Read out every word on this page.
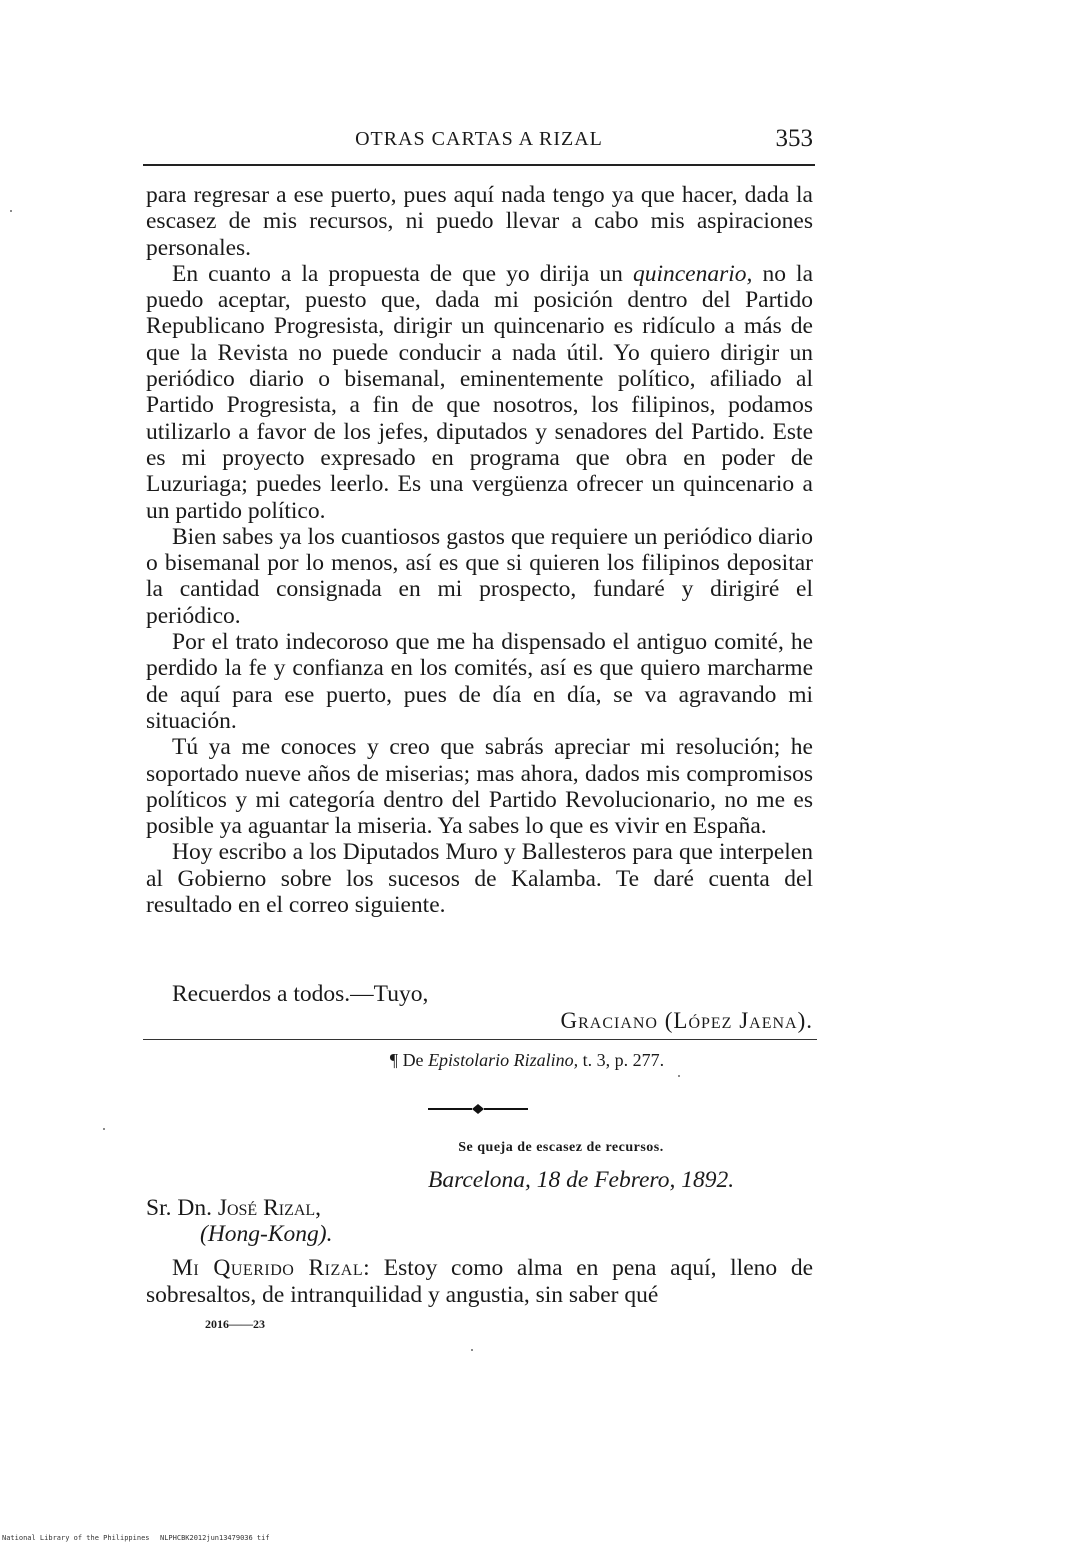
OTRAS CARTAS A RIZAL	353

para regresar a ese puerto, pues aquí nada tengo ya que hacer, dada la escasez de mis recursos, ni puedo llevar a cabo mis aspiraciones personales.

En cuanto a la propuesta de que yo dirija un quincenario, no la puedo aceptar, puesto que, dada mi posición dentro del Partido Republicano Progresista, dirigir un quincenario es ridículo a más de que la Revista no puede conducir a nada útil. Yo quiero dirigir un periódico diario o bisemanal, eminentemente político, afiliado al Partido Progresista, a fin de que nosotros, los filipinos, podamos utilizarlo a favor de los jefes, diputados y senadores del Partido. Este es mi proyecto expresado en programa que obra en poder de Luzuriaga; puedes leerlo. Es una vergüenza ofrecer un quincenario a un partido político.

Bien sabes ya los cuantiosos gastos que requiere un periódico diario o bisemanal por lo menos, así es que si quieren los filipinos depositar la cantidad consignada en mi prospecto, fundaré y dirigiré el periódico.

Por el trato indecoroso que me ha dispensado el antiguo comité, he perdido la fe y confianza en los comités, así es que quiero marcharme de aquí para ese puerto, pues de día en día, se va agravando mi situación.

Tú ya me conoces y creo que sabrás apreciar mi resolución; he soportado nueve años de miserias; mas ahora, dados mis compromisos políticos y mi categoría dentro del Partido Revolucionario, no me es posible ya aguantar la miseria. Ya sabes lo que es vivir en España.

Hoy escribo a los Diputados Muro y Ballesteros para que interpelen al Gobierno sobre los sucesos de Kalamba. Te daré cuenta del resultado en el correo siguiente.

Recuerdos a todos.—Tuyo,
Graciano (López Jaena).
¶ De Epistolario Rizalino, t. 3, p. 277.
Se queja de escasez de recursos.
Barcelona, 18 de Febrero, 1892.
Sr. Dn. José Rizal,
(Hong-Kong).

Mi Querido Rizal: Estoy como alma en pena aquí, lleno de sobresaltos, de intranquilidad y angustia, sin saber qué

2016——23
National Library of the Philippines NLPHCBK2012jun13479036 tif
